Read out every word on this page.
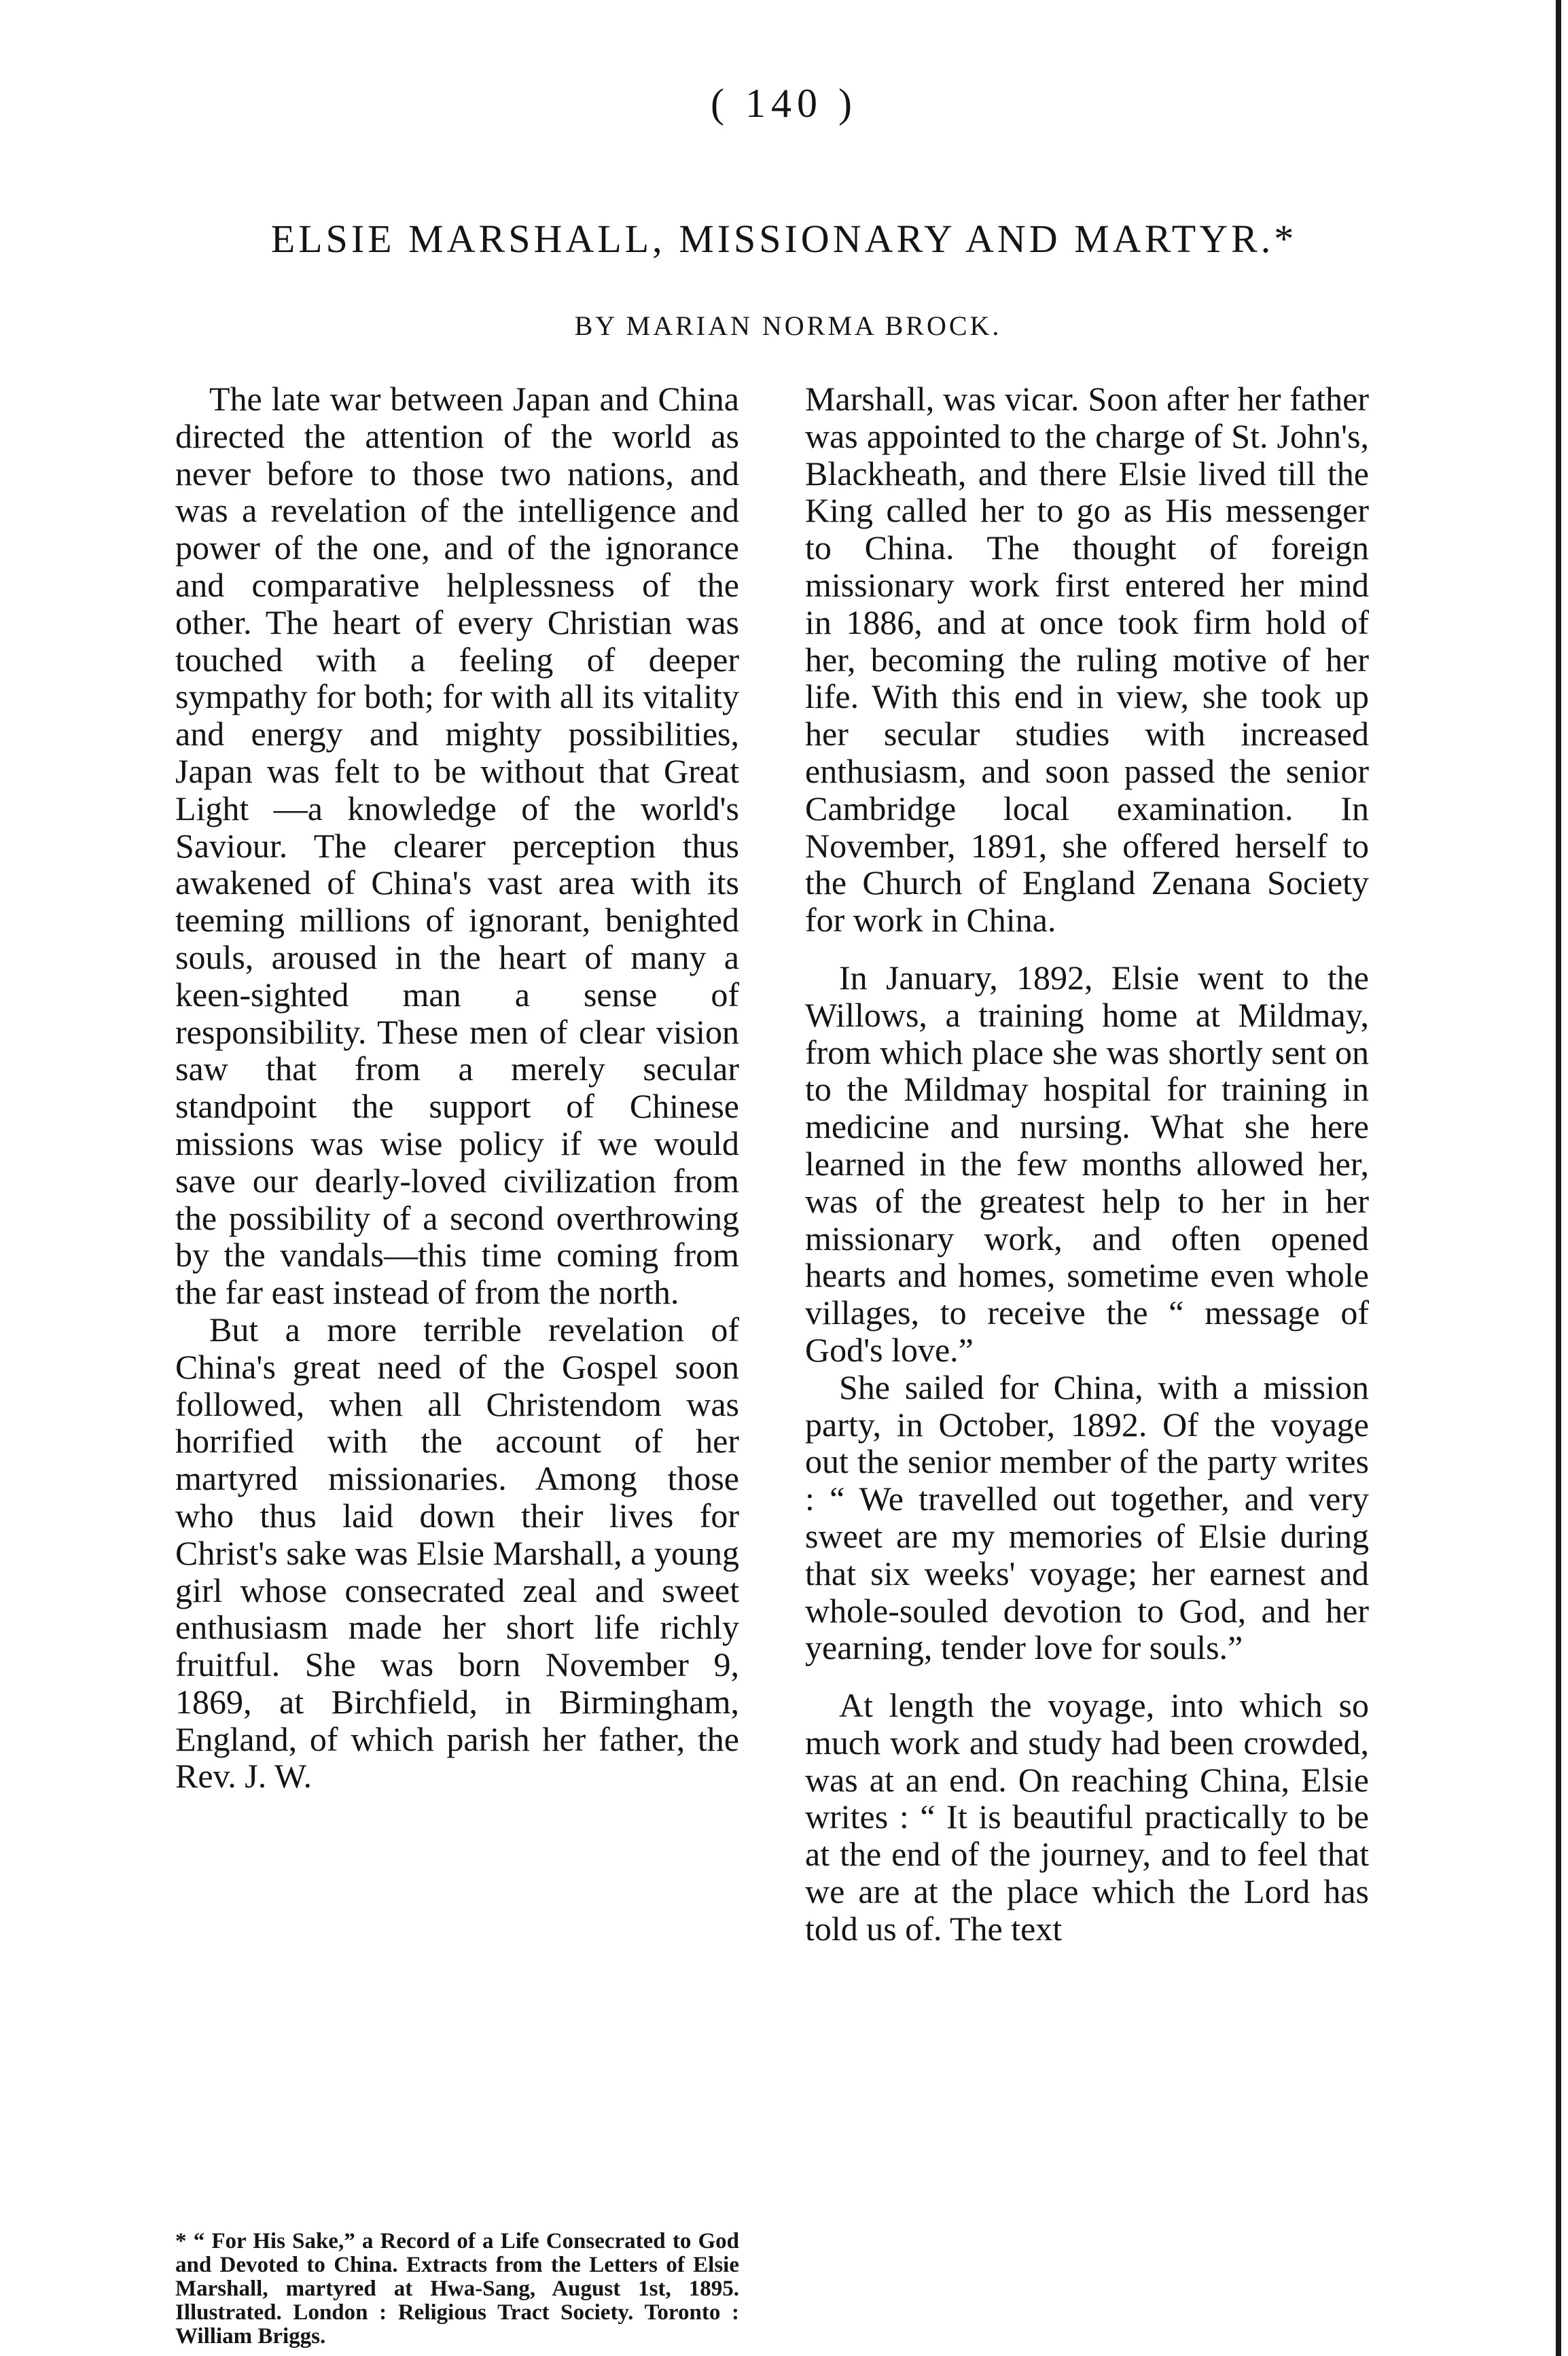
( 140 )
ELSIE MARSHALL, MISSIONARY AND MARTYR.*
BY MARIAN NORMA BROCK.

The late war between Japan and China directed the attention of the world as never before to those two nations, and was a revelation of the intelligence and power of the one, and of the ignorance and comparative helplessness of the other. The heart of every Christian was touched with a feeling of deeper sympathy for both; for with all its vitality and energy and mighty possibilities, Japan was felt to be without that Great Light —a knowledge of the world's Saviour. The clearer perception thus awakened of China's vast area with its teeming millions of ignorant, benighted souls, aroused in the heart of many a keen-sighted man a sense of responsibility. These men of clear vision saw that from a merely secular standpoint the support of Chinese missions was wise policy if we would save our dearly-loved civilization from the possibility of a second overthrowing by the vandals—this time coming from the far east instead of from the north.

But a more terrible revelation of China's great need of the Gospel soon followed, when all Christendom was horrified with the account of her martyred missionaries. Among those who thus laid down their lives for Christ's sake was Elsie Marshall, a young girl whose consecrated zeal and sweet enthusiasm made her short life richly fruitful. She was born November 9, 1869, at Birchfield, in Birmingham, England, of which parish her father, the Rev. J. W.

Marshall, was vicar. Soon after her father was appointed to the charge of St. John's, Blackheath, and there Elsie lived till the King called her to go as His messenger to China. The thought of foreign missionary work first entered her mind in 1886, and at once took firm hold of her, becoming the ruling motive of her life. With this end in view, she took up her secular studies with increased enthusiasm, and soon passed the senior Cambridge local examination. In November, 1891, she offered herself to the Church of England Zenana Society for work in China.

In January, 1892, Elsie went to the Willows, a training home at Mildmay, from which place she was shortly sent on to the Mildmay hospital for training in medicine and nursing. What she here learned in the few months allowed her, was of the greatest help to her in her missionary work, and often opened hearts and homes, sometime even whole villages, to receive the “ message of God's love.”

She sailed for China, with a mission party, in October, 1892. Of the voyage out the senior member of the party writes : “ We travelled out together, and very sweet are my memories of Elsie during that six weeks' voyage; her earnest and whole-souled devotion to God, and her yearning, tender love for souls.”

At length the voyage, into which so much work and study had been crowded, was at an end. On reaching China, Elsie writes : “ It is beautiful practically to be at the end of the journey, and to feel that we are at the place which the Lord has told us of. The text

* “ For His Sake,” a Record of a Life Consecrated to God and Devoted to China. Extracts from the Letters of Elsie Marshall, martyred at Hwa-Sang, August 1st, 1895. Illustrated. London : Religious Tract Society. Toronto : William Briggs.
